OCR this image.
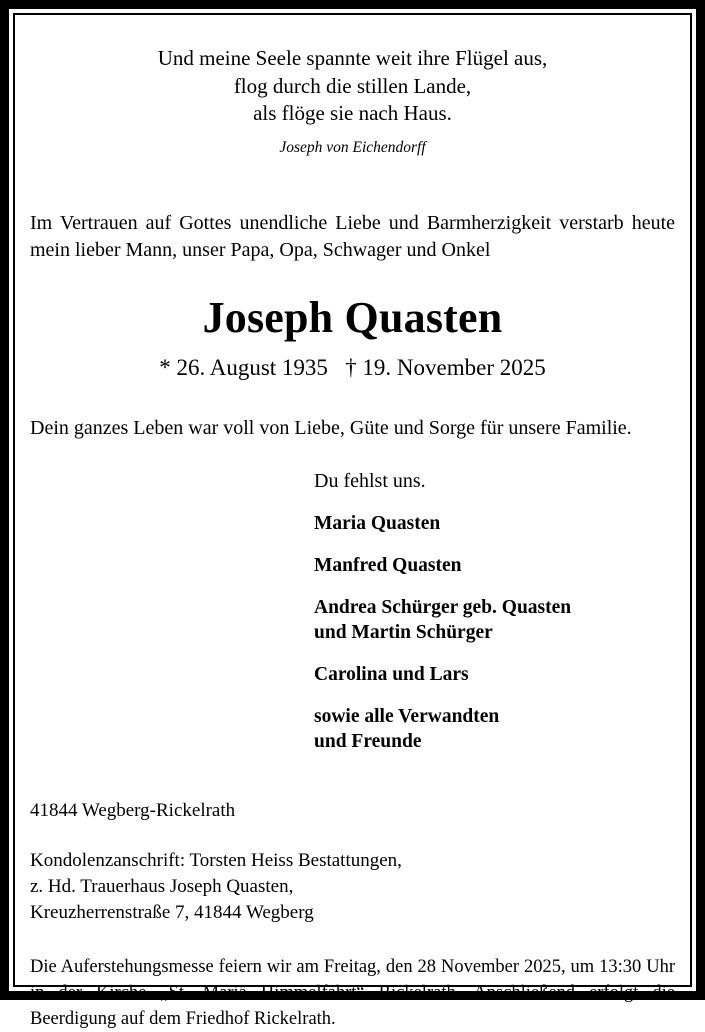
Und meine Seele spannte weit ihre Flügel aus,
flog durch die stillen Lande,
als flöge sie nach Haus.
Joseph von Eichendorff

Im Vertrauen auf Gottes unendliche Liebe und Barmherzigkeit verstarb heute mein lieber Mann, unser Papa, Opa, Schwager und Onkel

Joseph Quasten
* 26. August 1935   † 19. November 2025

Dein ganzes Leben war voll von Liebe, Güte und Sorge für unsere Familie.

Du fehlst uns.
Maria Quasten
Manfred Quasten
Andrea Schürger geb. Quasten
und Martin Schürger
Carolina und Lars
sowie alle Verwandten
und Freunde
41844 Wegberg-Rickelrath
Kondolenzanschrift: Torsten Heiss Bestattungen,
z. Hd. Trauerhaus Joseph Quasten,
Kreuzherrenstraße 7, 41844 Wegberg

Die Auferstehungsmesse feiern wir am Freitag, den 28 November 2025, um 13:30 Uhr in der Kirche „St. Mariä Himmelfahrt“ Rickelrath. Anschließend erfolgt die Beerdigung auf dem Friedhof Rickelrath.
